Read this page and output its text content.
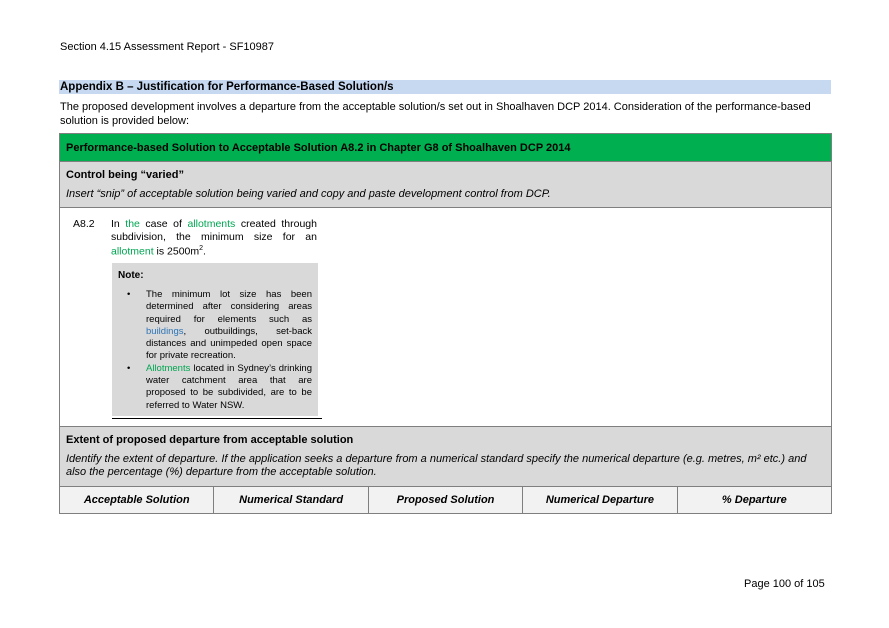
Section 4.15 Assessment Report - SF10987
Appendix B – Justification for Performance-Based Solution/s
The proposed development involves a departure from the acceptable solution/s set out in Shoalhaven DCP 2014. Consideration of the performance-based solution is provided below:
Performance-based Solution to Acceptable Solution A8.2 in Chapter G8 of Shoalhaven DCP 2014
Control being “varied”
Insert “snip” of acceptable solution being varied and copy and paste development control from DCP.
A8.2 In the case of allotments created through subdivision, the minimum size for an allotment is $2500m^2$.
Note:
• The minimum lot size has been determined after considering areas required for elements such as buildings, outbuildings, set-back distances and unimpeded open space for private recreation.
• Allotments located in Sydney’s drinking water catchment area that are proposed to be subdivided, are to be referred to Water NSW.
Extent of proposed departure from acceptable solution
Identify the extent of departure. If the application seeks a departure from a numerical standard specify the numerical departure (e.g. metres, m² etc.) and also the percentage (%) departure from the acceptable solution.
Acceptable Solution	Numerical Standard	Proposed Solution	Numerical Departure	% Departure
Page 100 of 105
